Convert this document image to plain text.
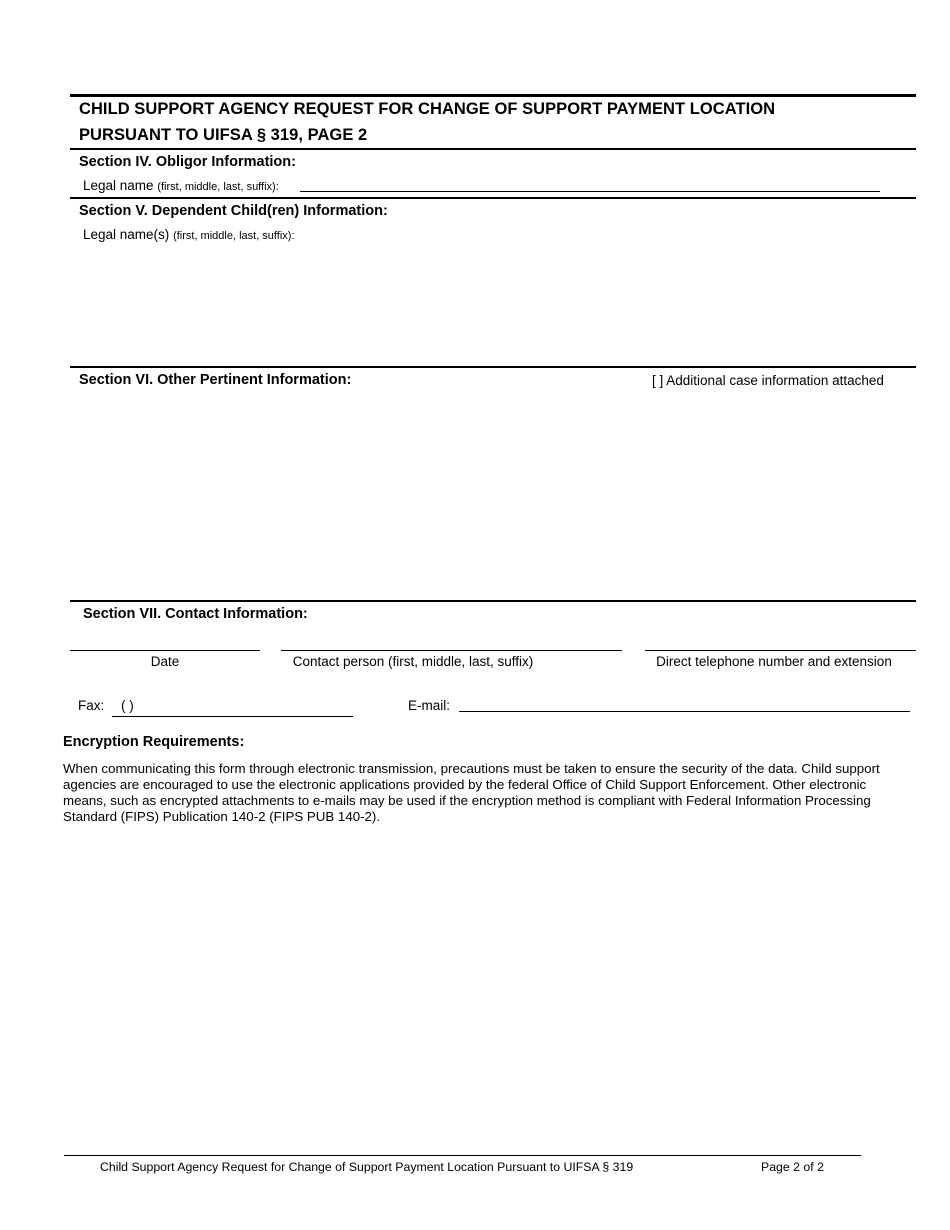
CHILD SUPPORT AGENCY REQUEST FOR CHANGE OF SUPPORT PAYMENT LOCATION
PURSUANT TO UIFSA § 319, PAGE 2
Section IV. Obligor Information:
Legal name (first, middle, last, suffix):
Section V. Dependent Child(ren) Information:
Legal name(s) (first, middle, last, suffix):
Section VI. Other Pertinent Information:	[ ] Additional case information attached
Section VII. Contact Information:
Date	Contact person (first, middle, last, suffix)	Direct telephone number and extension
Fax: ( )	E-mail:
Encryption Requirements:
When communicating this form through electronic transmission, precautions must be taken to ensure the security of the data. Child support agencies are encouraged to use the electronic applications provided by the federal Office of Child Support Enforcement. Other electronic means, such as encrypted attachments to e-mails may be used if the encryption method is compliant with Federal Information Processing Standard (FIPS) Publication 140-2 (FIPS PUB 140-2).
Child Support Agency Request for Change of Support Payment Location Pursuant to UIFSA § 319	Page 2 of 2
